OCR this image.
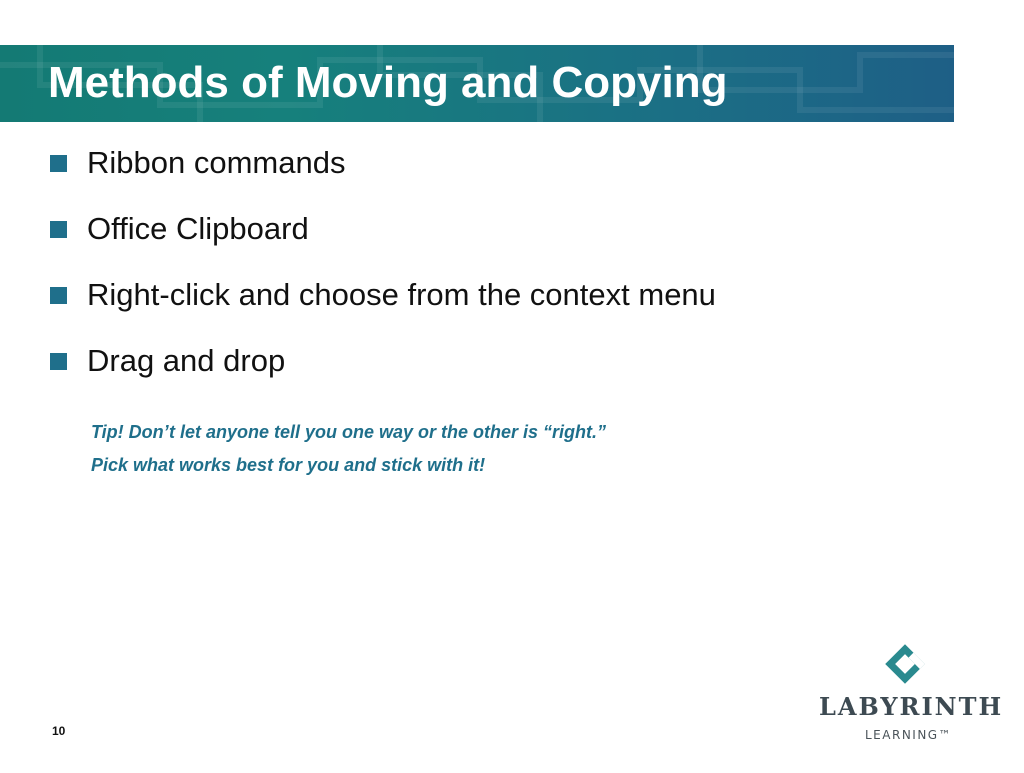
Methods of Moving and Copying
Ribbon commands
Office Clipboard
Right-click and choose from the context menu
Drag and drop
Tip! Don’t let anyone tell you one way or the other is “right.”
Pick what works best for you and stick with it!
10
LABYRINTH
LEARNING™
